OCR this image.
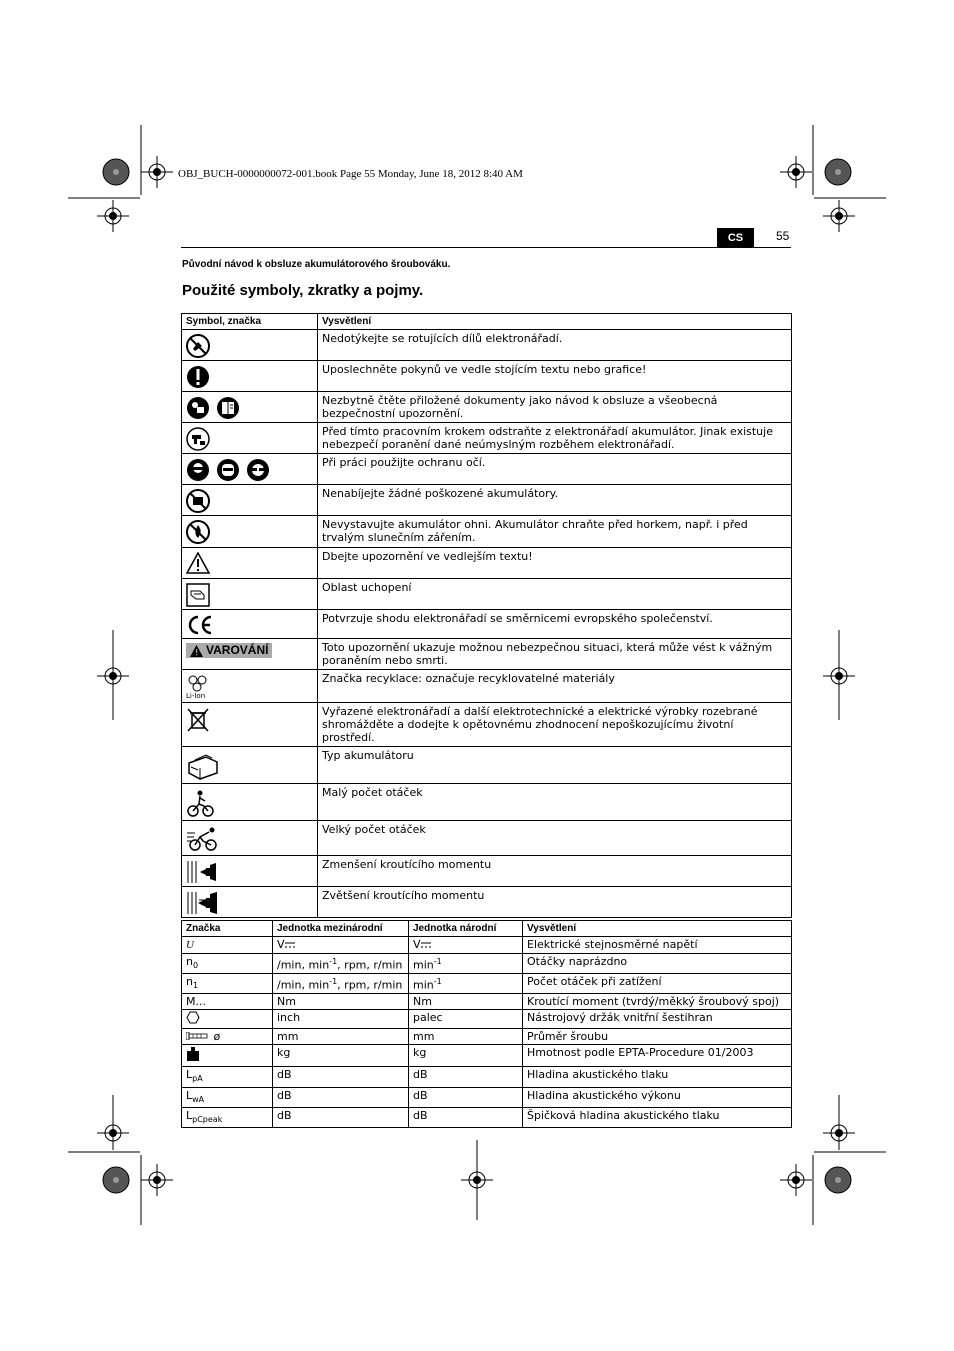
OBJ_BUCH-0000000072-001.book Page 55 Monday, June 18, 2012 8:40 AM
CS	55
Původní návod k obsluze akumulátorového šroubováku.
Použité symboly, zkratky a pojmy.
Symbol, značka	Vysvětlení

	Nedotýkejte se rotujících dílů elektronářadí.

	Uposlechněte pokynů ve vedle stojícím textu nebo grafice!

	Nezbytně čtěte přiložené dokumenty jako návod k obsluze a všeobecná bezpečnostní upozornění.

	Před tímto pracovním krokem odstraňte z elektronářadí akumulátor. Jinak existuje nebezpečí poranění dané neúmyslným rozběhem elektronářadí.

	Při práci použijte ochranu očí.

	Nenabíjejte žádné poškozené akumulátory.

	Nevystavujte akumulátor ohni. Akumulátor chraňte před horkem, např. i před trvalým slunečním zářením.

	Dbejte upozornění ve vedlejším textu!

	Oblast uchopení

	Potvrzuje shodu elektronářadí se směrnicemi evropského společenství.

VAROVÁNÍ	Toto upozornění ukazuje možnou nebezpečnou situaci, která může vést k vážným poraněním nebo smrti.

Li-Ion	Značka recyklace: označuje recyklovatelné materiály

	Vyřazené elektronářadí a další elektrotechnické a elektrické výrobky rozebrané shromážděte a dodejte k opětovnému zhodnocení nepoškozujícímu životní prostředí.

	Typ akumulátoru

	Malý počet otáček

	Velký počet otáček

	Zmenšení kroutícího momentu

	Zvětšení kroutícího momentu
Značka	Jednotka mezinárodní	Jednotka národní	Vysvětlení
U	V	V	Elektrické stejnosměrné napětí
$n_0$	/min, $\min^{-1}$, rpm, r/min	$\min^{-1}$	Otáčky naprázdno
$n_1$	/min, $\min^{-1}$, rpm, r/min	$\min^{-1}$	Počet otáček při zatížení
M...	Nm	Nm	Kroutící moment (tvrdý/měkký šroubový spoj)
	inch	palec	Nástrojový držák vnitřní šestihran
ø	mm	mm	Průměr šroubu
	kg	kg	Hmotnost podle EPTA-Procedure 01/2003
$L_{pA}$	dB	dB	Hladina akustického tlaku
$L_{wA}$	dB	dB	Hladina akustického výkonu
$L_{pCpeak}$	dB	dB	Špičková hladina akustického tlaku
